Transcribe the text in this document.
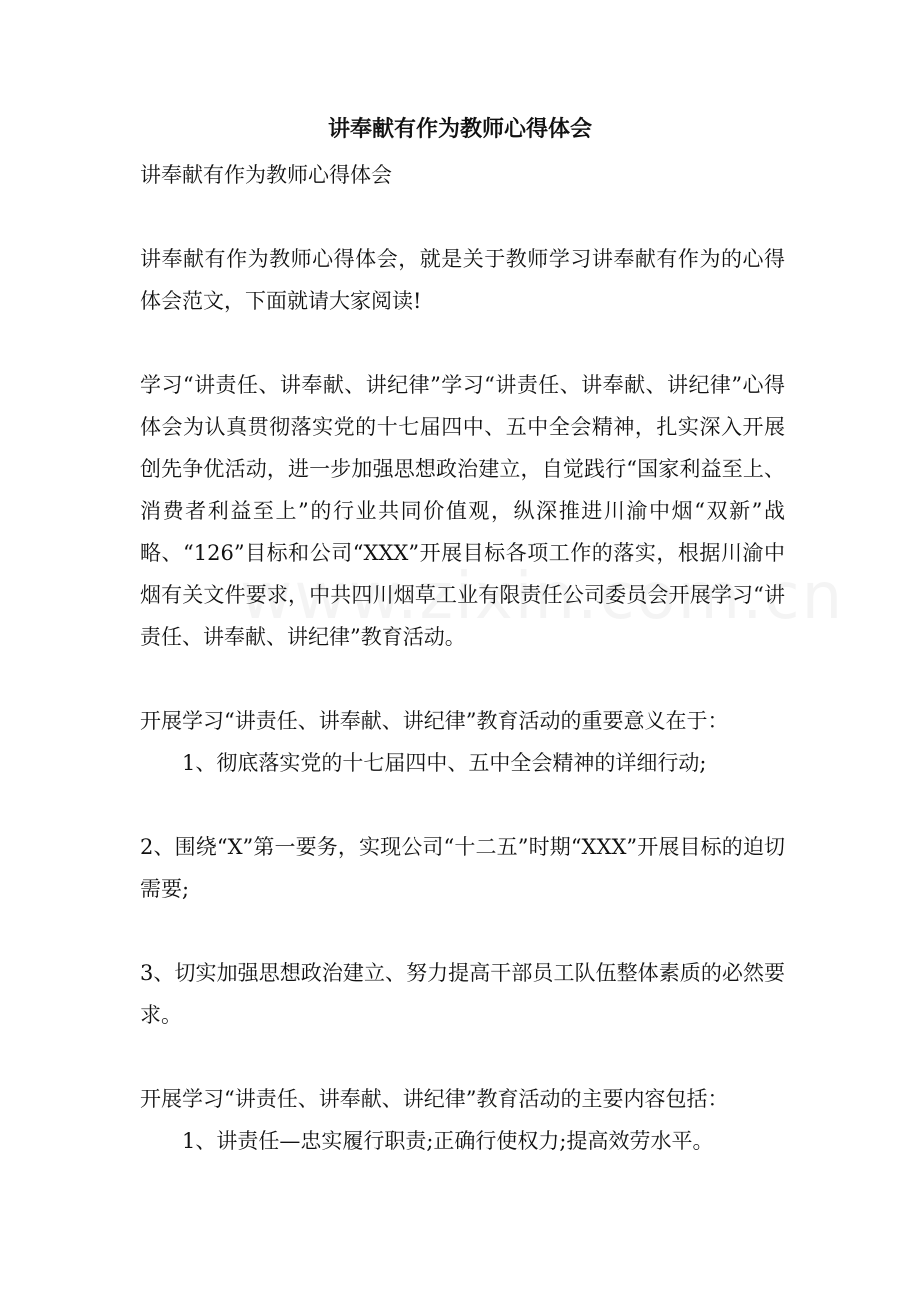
讲奉献有作为教师心得体会

讲奉献有作为教师心得体会

讲奉献有作为教师心得体会，就是关于教师学习讲奉献有作为的心得体会范文，下面就请大家阅读!

学习“讲责任、讲奉献、讲纪律”学习“讲责任、讲奉献、讲纪律”心得体会为认真贯彻落实党的十七届四中、五中全会精神，扎实深入开展创先争优活动，进一步加强思想政治建立，自觉践行“国家利益至上、消费者利益至上”的行业共同价值观，纵深推进川渝中烟“双新”战略、“126”目标和公司“XXX”开展目标各项工作的落实，根据川渝中烟有关文件要求，中共四川烟草工业有限责任公司委员会开展学习“讲责任、讲奉献、讲纪律”教育活动。

开展学习“讲责任、讲奉献、讲纪律”教育活动的重要意义在于：

1、彻底落实党的十七届四中、五中全会精神的详细行动;

2、围绕“X”第一要务，实现公司“十二五”时期“XXX”开展目标的迫切需要;

3、切实加强思想政治建立、努力提高干部员工队伍整体素质的必然要求。

开展学习“讲责任、讲奉献、讲纪律”教育活动的主要内容包括：

1、讲责任—忠实履行职责;正确行使权力;提高效劳水平。
